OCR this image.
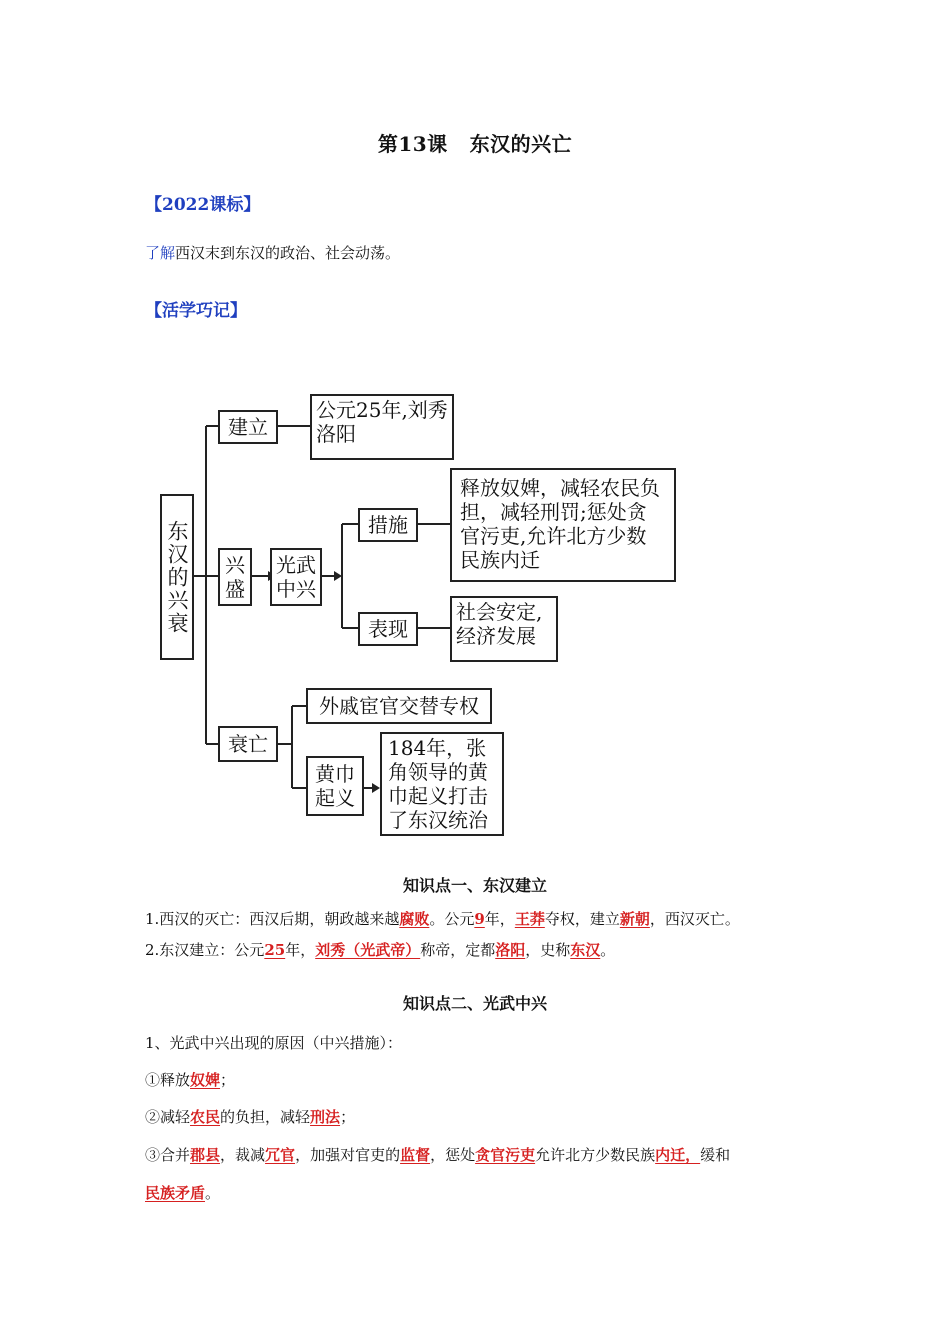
第13课 东汉的兴亡
【2022课标】
了解西汉末到东汉的政治、社会动荡。
【活学巧记】
东汉的兴衰
建立
公元25年,刘秀洛阳
兴盛
光武中兴
措施
释放奴婢，减轻农民负担，减轻刑罚;惩处贪官污吏,允许北方少数民族内迁
表现
社会安定,经济发展
衰亡
外戚宦官交替专权
黄巾起义
184年，张角领导的黄巾起义打击了东汉统治
知识点一、东汉建立
1.西汉的灭亡：西汉后期，朝政越来越腐败。公元9年，王莽夺权，建立新朝，西汉灭亡。
2.东汉建立：公元25年，刘秀（光武帝）称帝，定都洛阳，史称东汉。
知识点二、光武中兴
1、光武中兴出现的原因（中兴措施）：
①释放奴婢；
②减轻农民的负担，减轻刑法；
③合并郡县，裁减冗官，加强对官吏的监督，惩处贪官污吏允许北方少数民族内迁，缓和
民族矛盾。
